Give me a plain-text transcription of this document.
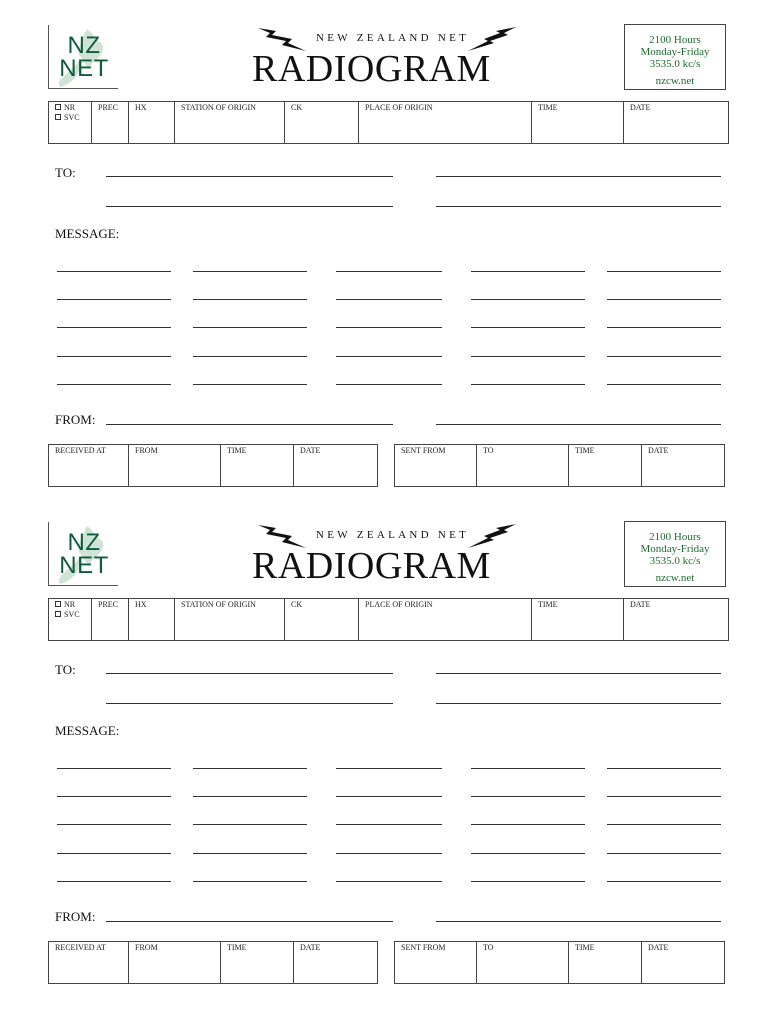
NZ
NET
NEW ZEALAND NET
RADIOGRAM
2100 Hours
Monday-Friday
3535.0 kc/s
nzcw.net
NR
SVC
	PREC	HX	STATION OF ORIGIN	CK	PLACE OF ORIGIN	TIME	DATE
TO:
MESSAGE:
FROM:
RECEIVED AT	FROM	TIME	DATE	SENT FROM	TO	TIME	DATE
NZ
NET
NEW ZEALAND NET
RADIOGRAM
2100 Hours
Monday-Friday
3535.0 kc/s
nzcw.net
NR
SVC
	PREC	HX	STATION OF ORIGIN	CK	PLACE OF ORIGIN	TIME	DATE
TO:
MESSAGE:
FROM:
RECEIVED AT	FROM	TIME	DATE	SENT FROM	TO	TIME	DATE
